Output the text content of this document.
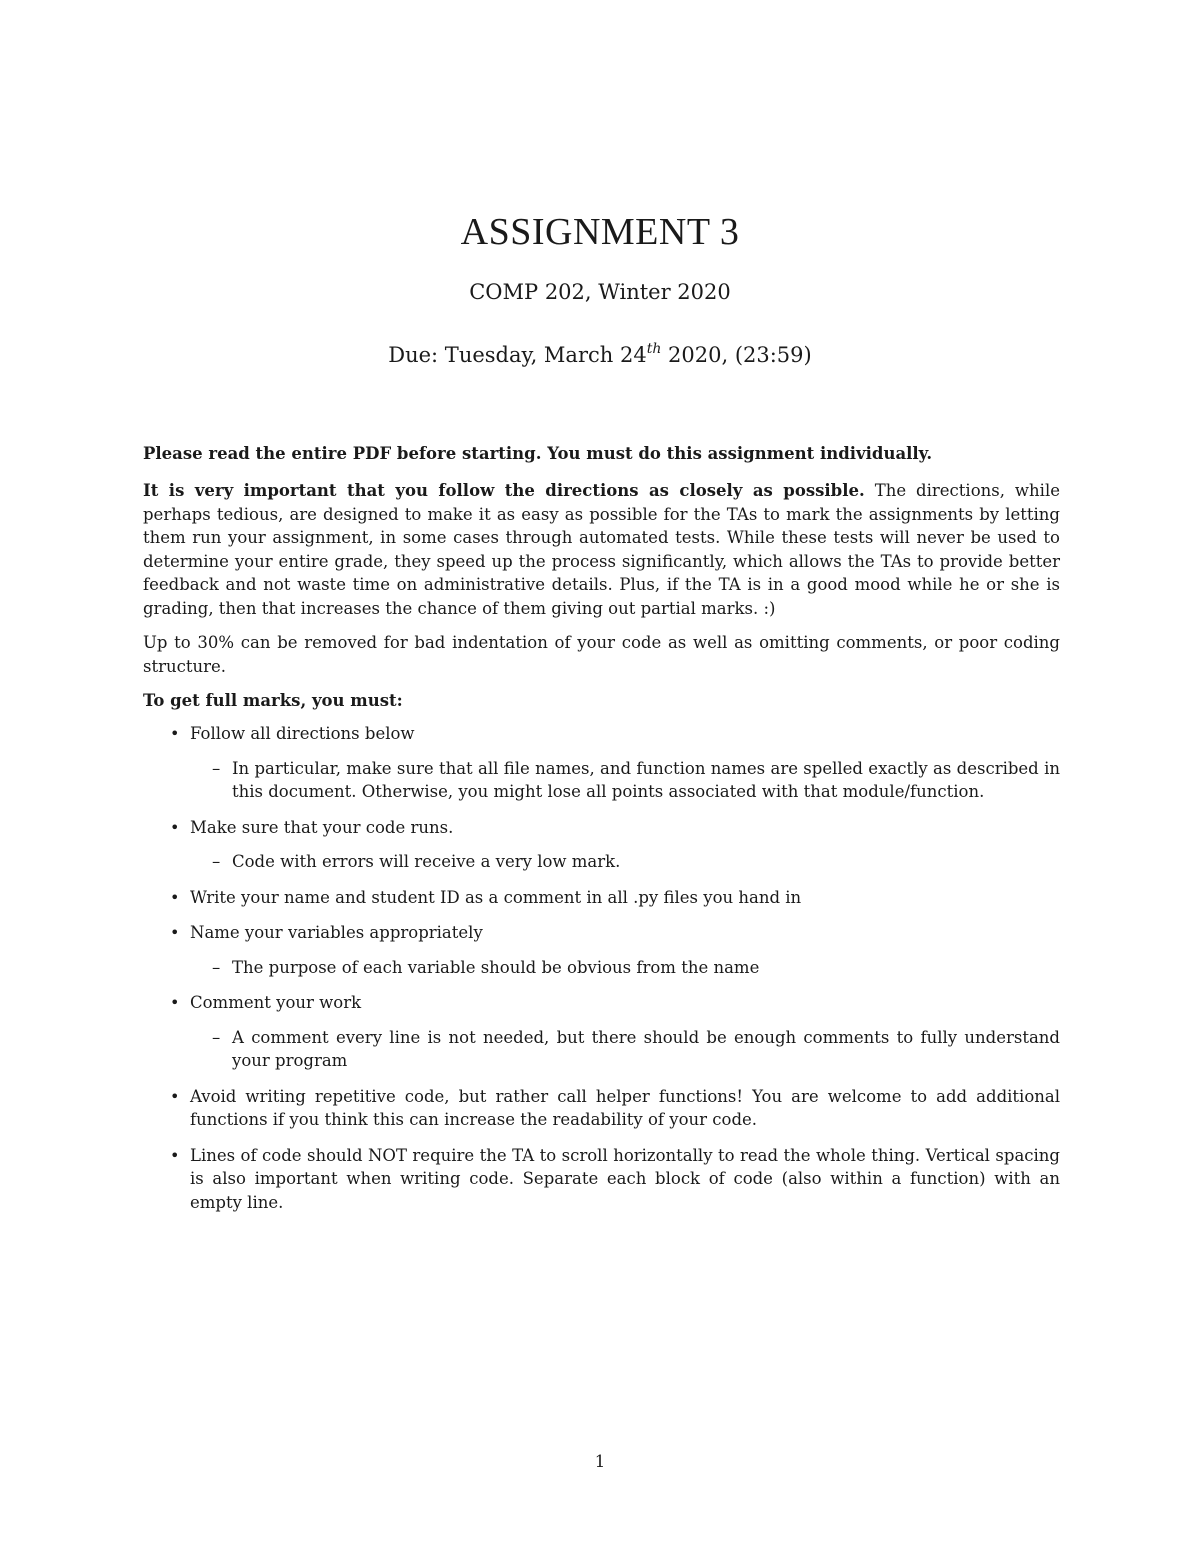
ASSIGNMENT 3
COMP 202, Winter 2020
Due: Tuesday, March 24th 2020, (23:59)
Please read the entire PDF before starting. You must do this assignment individually.
It is very important that you follow the directions as closely as possible. The directions, while perhaps tedious, are designed to make it as easy as possible for the TAs to mark the assignments by letting them run your assignment, in some cases through automated tests. While these tests will never be used to determine your entire grade, they speed up the process significantly, which allows the TAs to provide better feedback and not waste time on administrative details. Plus, if the TA is in a good mood while he or she is grading, then that increases the chance of them giving out partial marks. :)
Up to 30% can be removed for bad indentation of your code as well as omitting comments, or poor coding structure.
To get full marks, you must:
• Follow all directions below
– In particular, make sure that all file names, and function names are spelled exactly as described in this document. Otherwise, you might lose all points associated with that module/function.
• Make sure that your code runs.
– Code with errors will receive a very low mark.
• Write your name and student ID as a comment in all .py files you hand in
• Name your variables appropriately
– The purpose of each variable should be obvious from the name
• Comment your work
– A comment every line is not needed, but there should be enough comments to fully understand your program
• Avoid writing repetitive code, but rather call helper functions! You are welcome to add additional functions if you think this can increase the readability of your code.
• Lines of code should NOT require the TA to scroll horizontally to read the whole thing. Vertical spacing is also important when writing code. Separate each block of code (also within a function) with an empty line.
1
